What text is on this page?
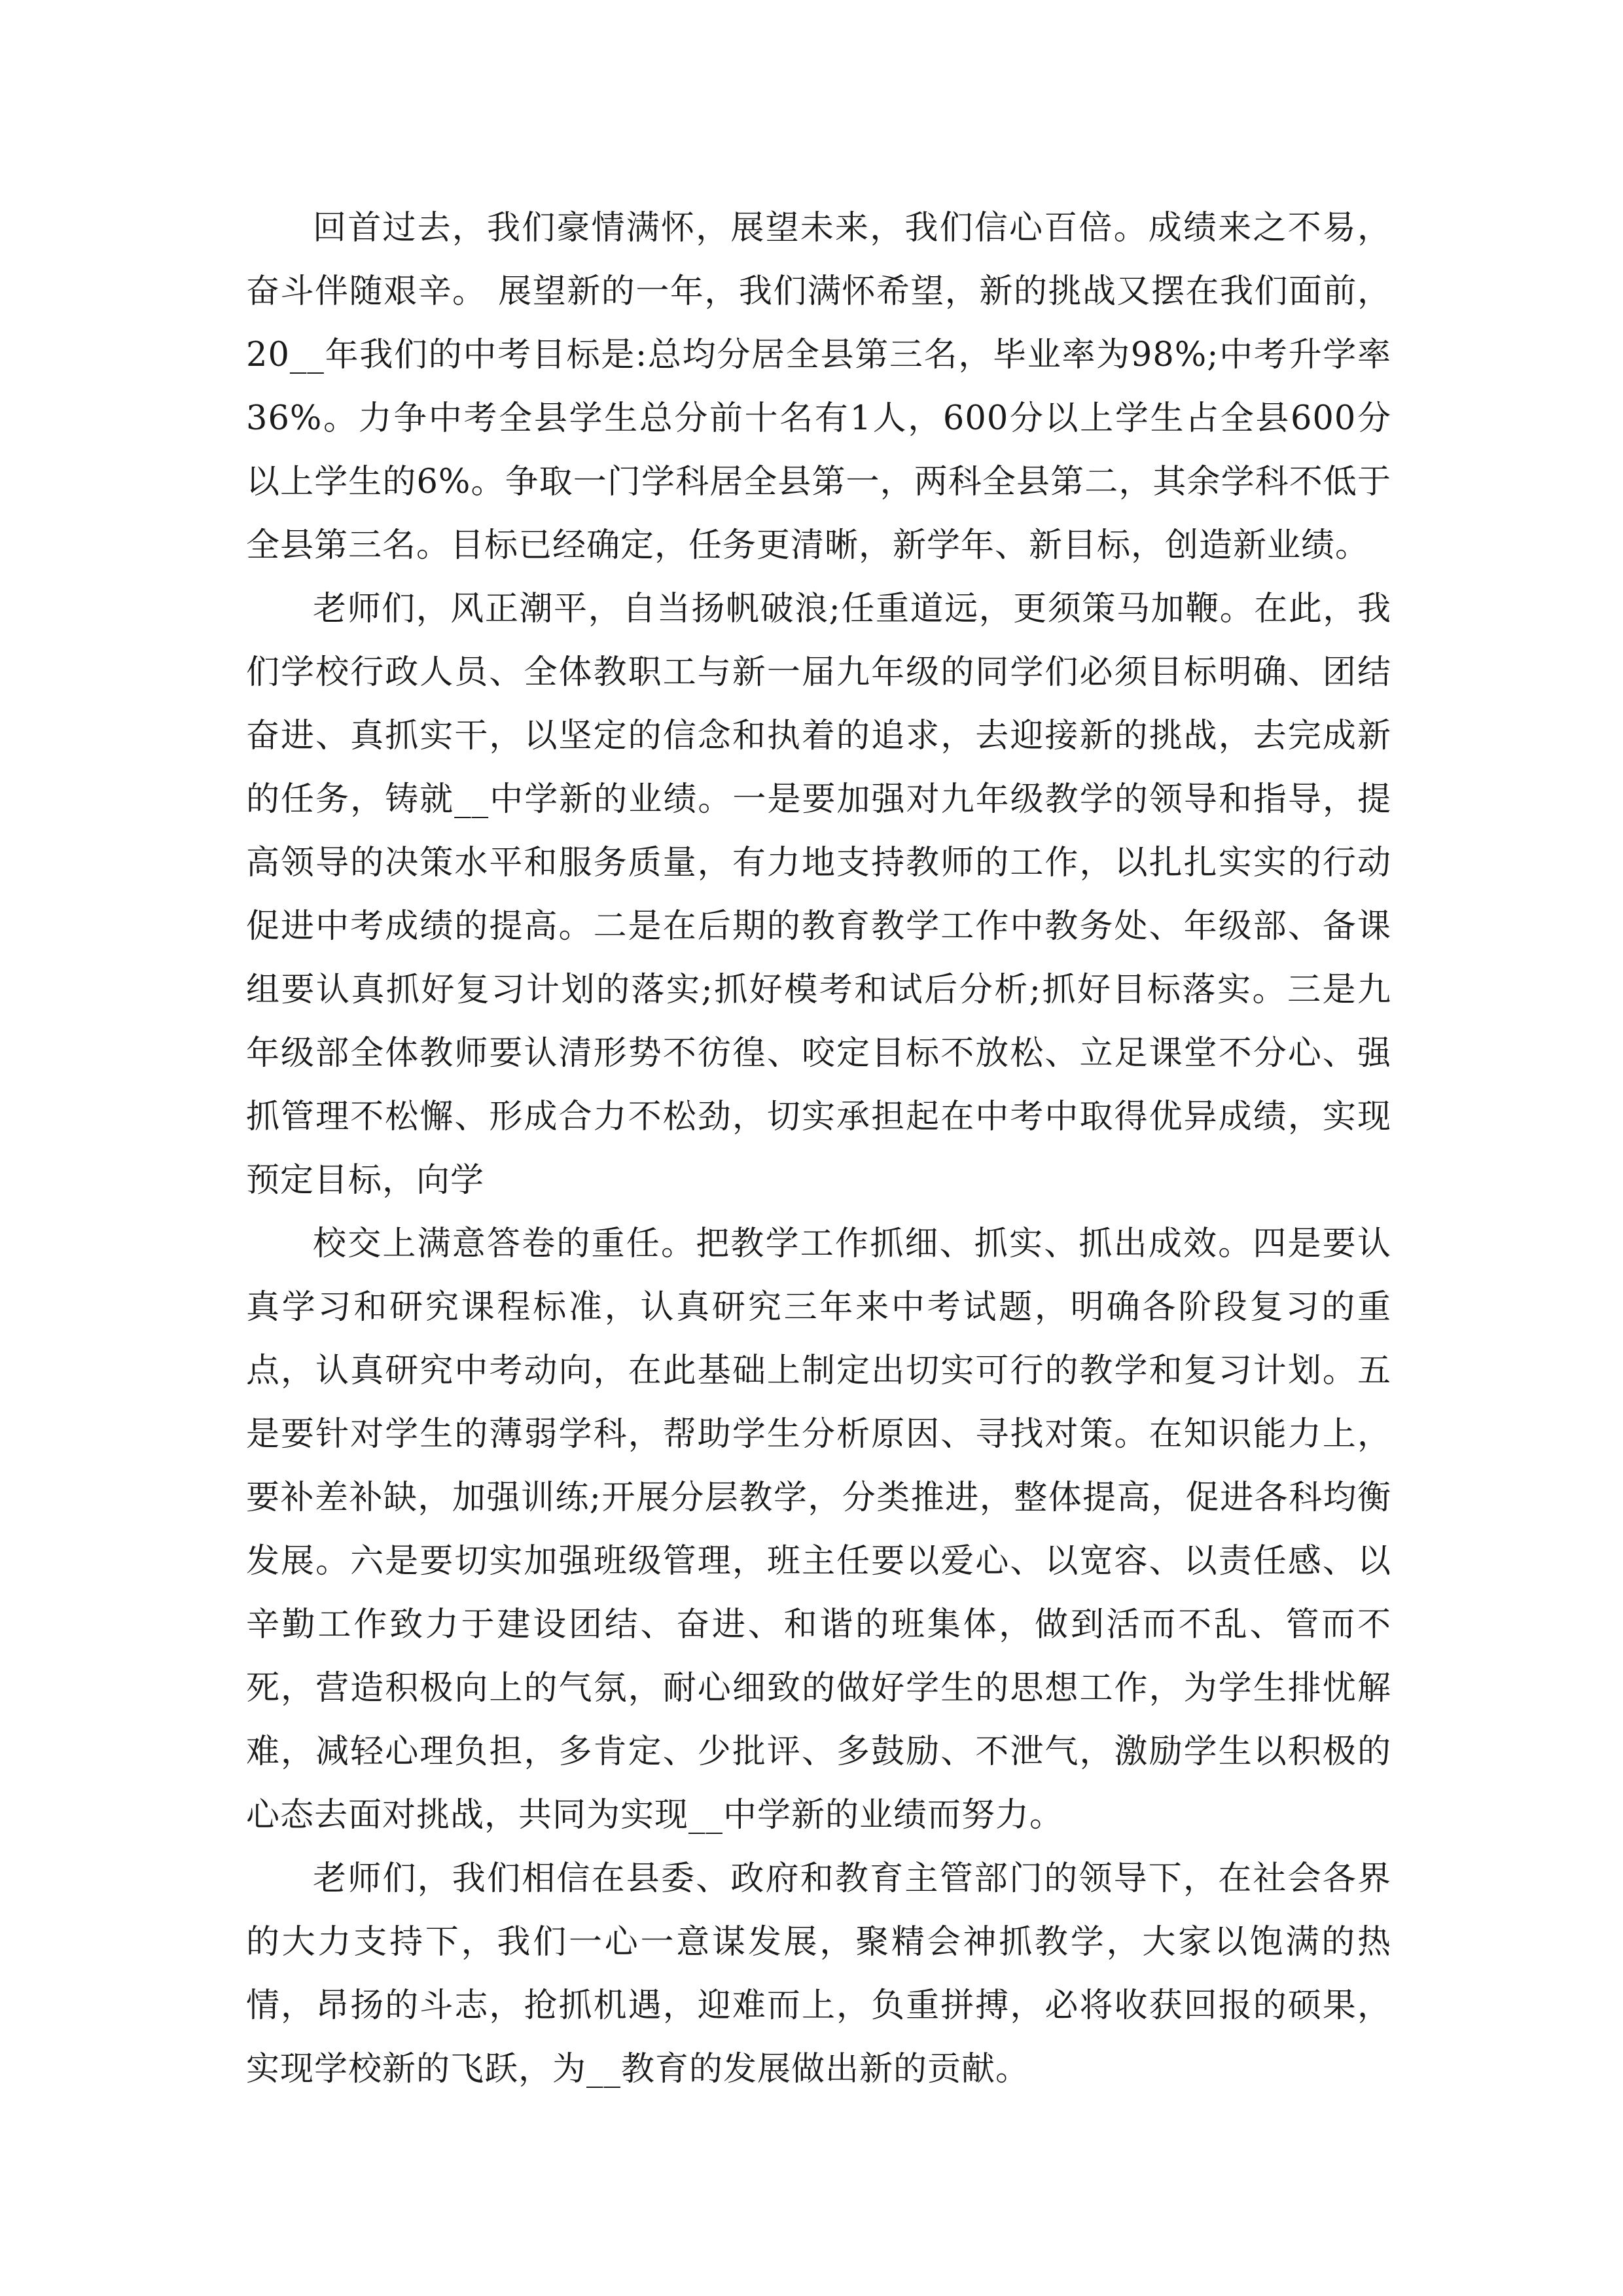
回首过去，我们豪情满怀，展望未来，我们信心百倍。成绩来之不易，奋斗伴随艰辛。 展望新的一年，我们满怀希望，新的挑战又摆在我们面前，20__年我们的中考目标是:总均分居全县第三名，毕业率为98%;中考升学率36%。力争中考全县学生总分前十名有1人，600分以上学生占全县600分以上学生的6%。争取一门学科居全县第一，两科全县第二，其余学科不低于全县第三名。目标已经确定，任务更清晰，新学年、新目标，创造新业绩。

老师们，风正潮平，自当扬帆破浪;任重道远，更须策马加鞭。在此，我们学校行政人员、全体教职工与新一届九年级的同学们必须目标明确、团结奋进、真抓实干，以坚定的信念和执着的追求，去迎接新的挑战，去完成新的任务，铸就__中学新的业绩。一是要加强对九年级教学的领导和指导，提高领导的决策水平和服务质量，有力地支持教师的工作，以扎扎实实的行动促进中考成绩的提高。二是在后期的教育教学工作中教务处、年级部、备课组要认真抓好复习计划的落实;抓好模考和试后分析;抓好目标落实。三是九年级部全体教师要认清形势不彷徨、咬定目标不放松、立足课堂不分心、强抓管理不松懈、形成合力不松劲，切实承担起在中考中取得优异成绩，实现预定目标，向学

校交上满意答卷的重任。把教学工作抓细、抓实、抓出成效。四是要认真学习和研究课程标准，认真研究三年来中考试题，明确各阶段复习的重点，认真研究中考动向，在此基础上制定出切实可行的教学和复习计划。五是要针对学生的薄弱学科，帮助学生分析原因、寻找对策。在知识能力上，要补差补缺，加强训练;开展分层教学，分类推进，整体提高，促进各科均衡发展。六是要切实加强班级管理，班主任要以爱心、以宽容、以责任感、以辛勤工作致力于建设团结、奋进、和谐的班集体，做到活而不乱、管而不死，营造积极向上的气氛，耐心细致的做好学生的思想工作，为学生排忧解难，减轻心理负担，多肯定、少批评、多鼓励、不泄气，激励学生以积极的心态去面对挑战，共同为实现__中学新的业绩而努力。

老师们，我们相信在县委、政府和教育主管部门的领导下，在社会各界的大力支持下，我们一心一意谋发展，聚精会神抓教学，大家以饱满的热情，昂扬的斗志，抢抓机遇，迎难而上，负重拼搏，必将收获回报的硕果，实现学校新的飞跃，为__教育的发展做出新的贡献。
